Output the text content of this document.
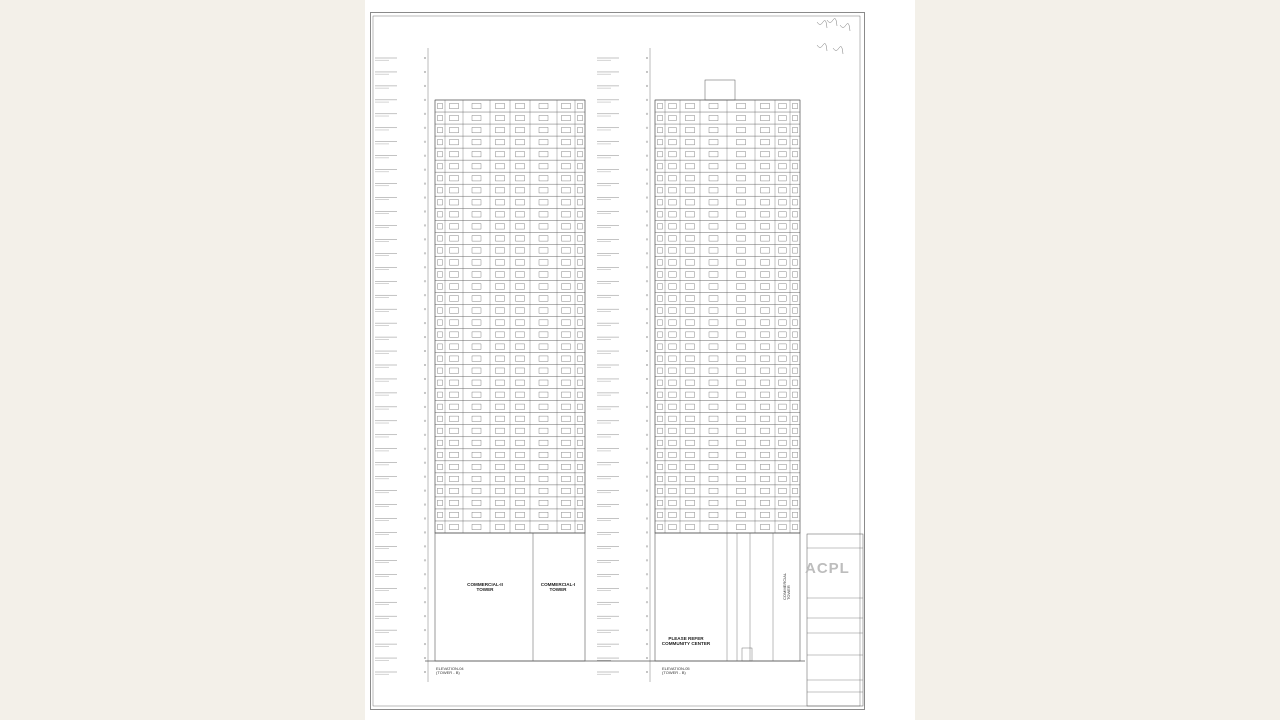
COMMERCIAL-II
TOWER
COMMERCIAL-I
TOWER
PLEASE REFER
COMMUNITY CENTER
ELEVATION-04
(TOWER - B)
ELEVATION-05
(TOWER - B)
COMMERCIAL
TOWER
ACPL
